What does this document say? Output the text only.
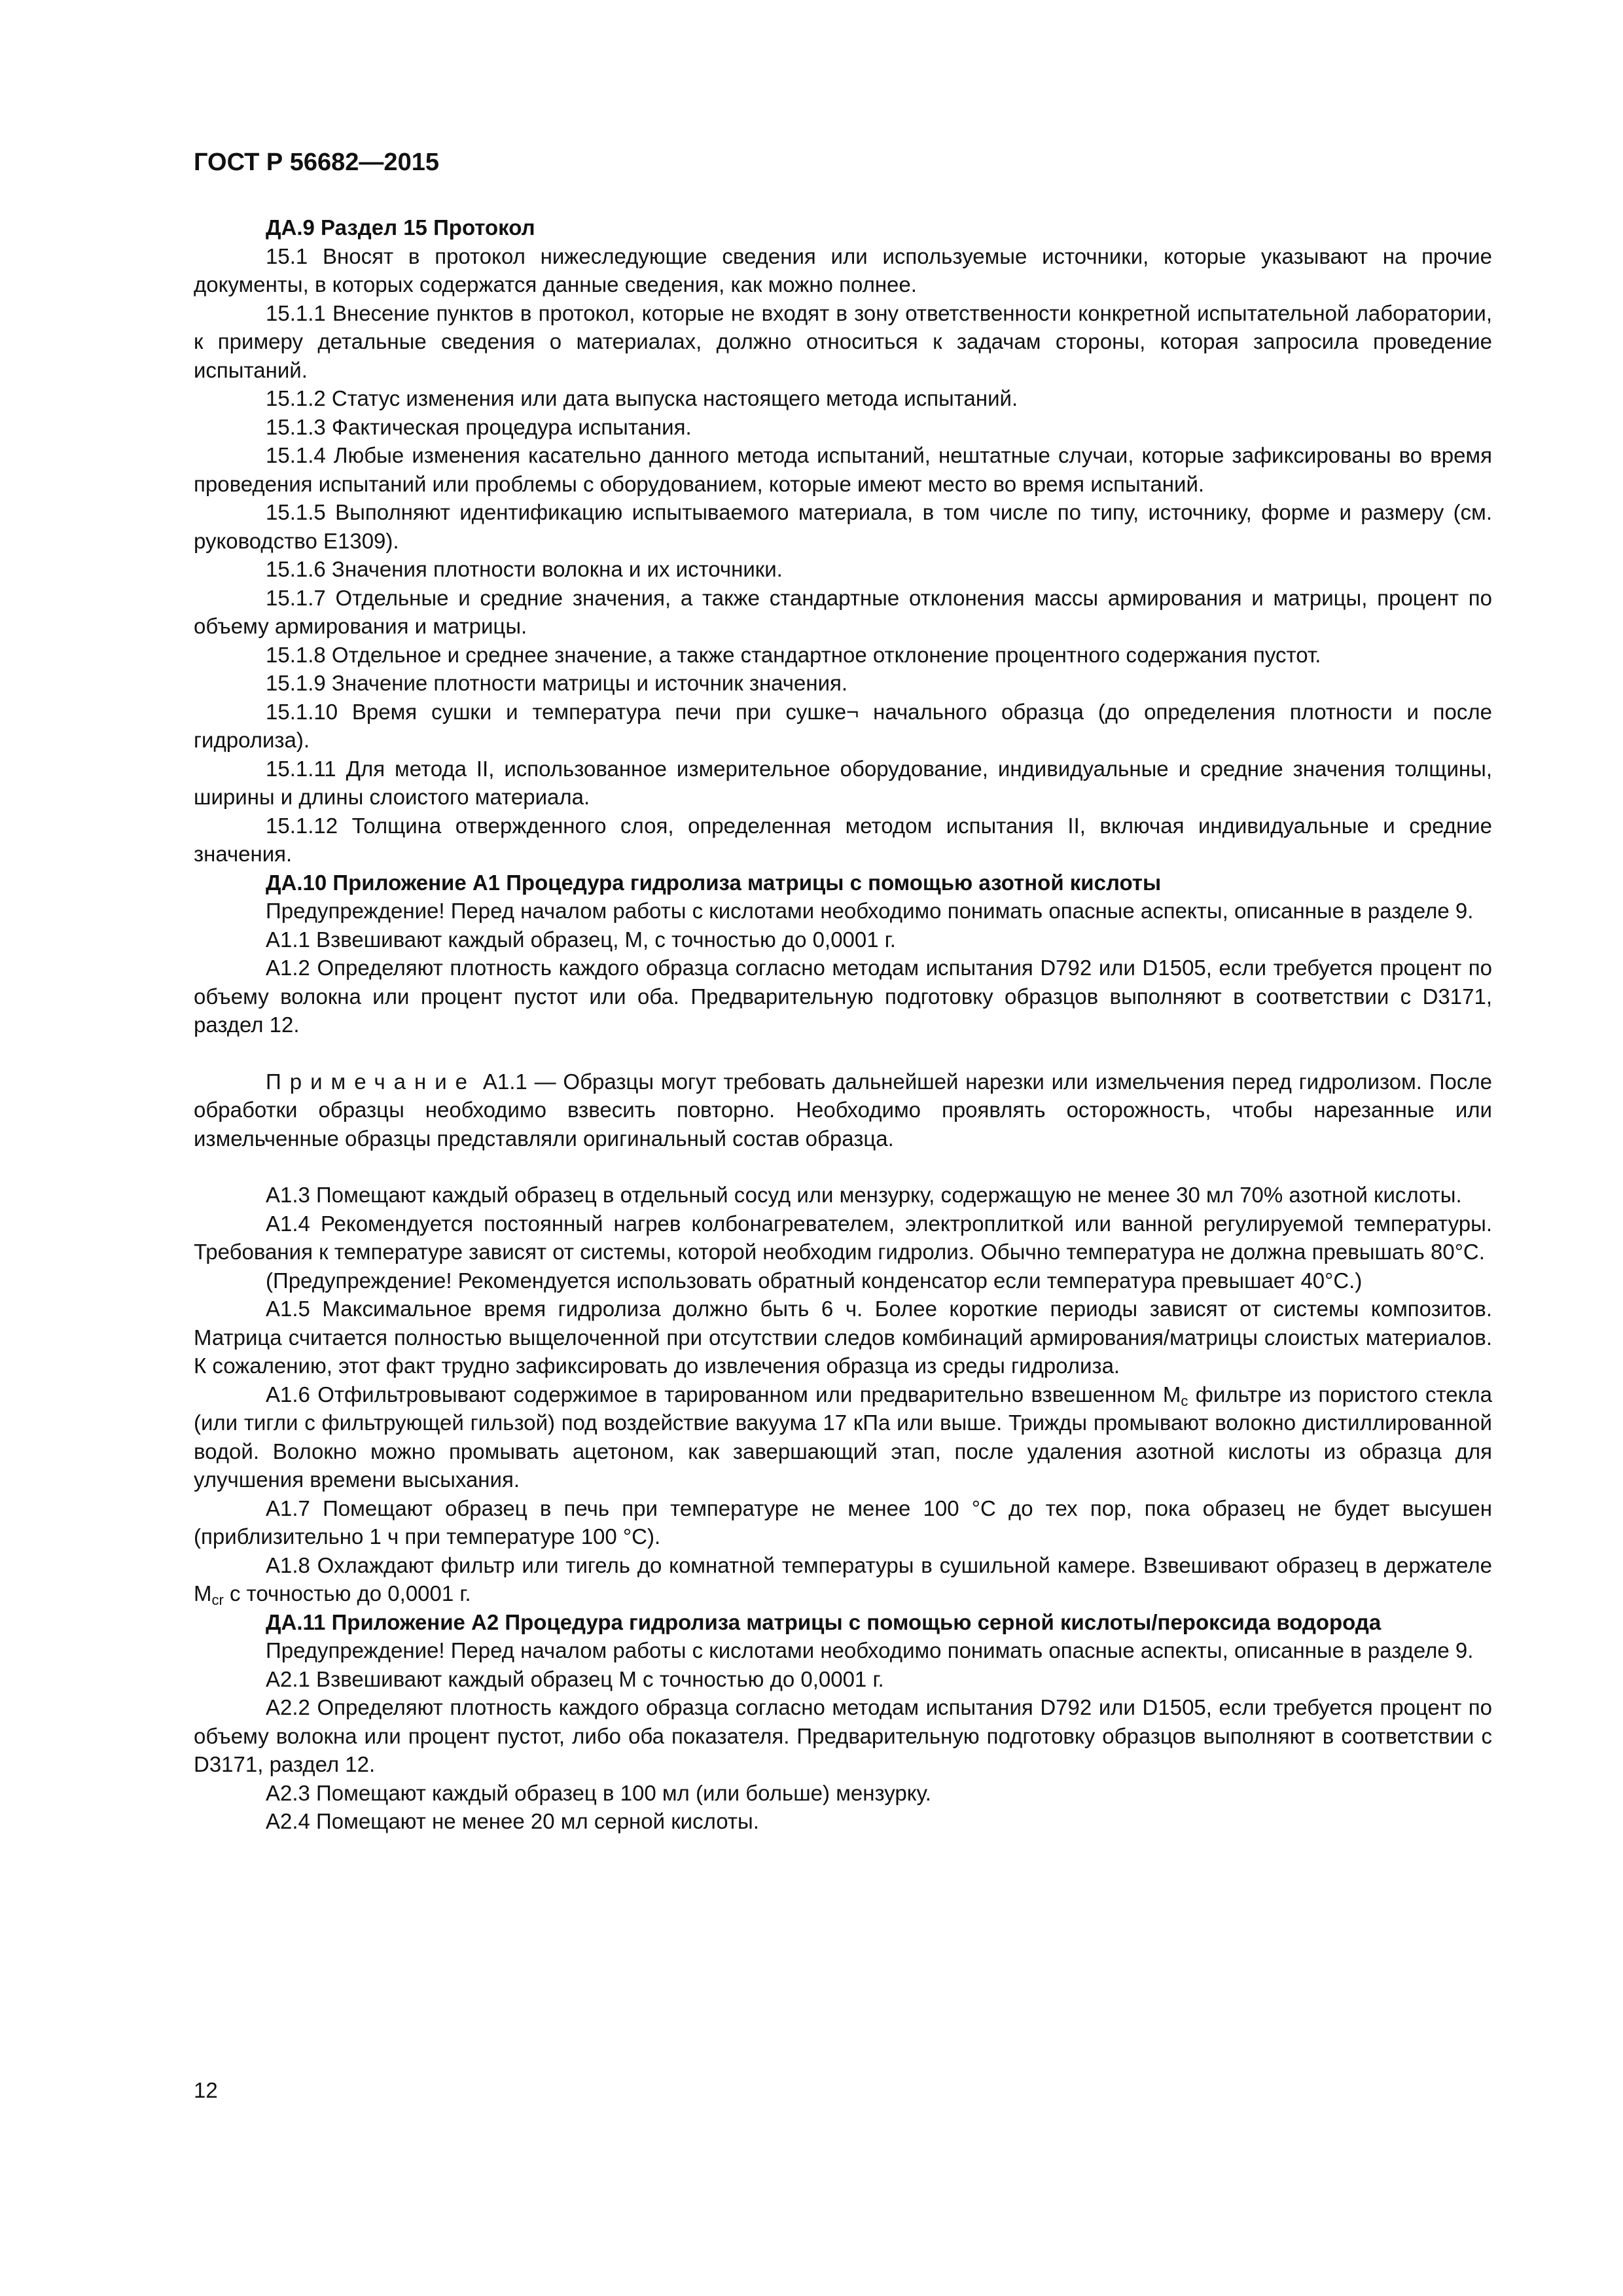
ГОСТ Р 56682—2015

ДА.9 Раздел 15 Протокол

15.1 Вносят в протокол нижеследующие сведения или используемые источники, которые указывают на прочие документы, в которых содержатся данные сведения, как можно полнее.

15.1.1 Внесение пунктов в протокол, которые не входят в зону ответственности конкретной испытательной лаборатории, к примеру детальные сведения о материалах, должно относиться к задачам стороны, которая запросила проведение испытаний.

15.1.2 Статус изменения или дата выпуска настоящего метода испытаний.

15.1.3 Фактическая процедура испытания.

15.1.4 Любые изменения касательно данного метода испытаний, нештатные случаи, которые зафиксированы во время проведения испытаний или проблемы с оборудованием, которые имеют место во время испытаний.

15.1.5 Выполняют идентификацию испытываемого материала, в том числе по типу, источнику, форме и размеру (см. руководство E1309).

15.1.6 Значения плотности волокна и их источники.

15.1.7 Отдельные и средние значения, а также стандартные отклонения массы армирования и матрицы, процент по объему армирования и матрицы.

15.1.8 Отдельное и среднее значение, а также стандартное отклонение процентного содержания пустот.

15.1.9 Значение плотности матрицы и источник значения.

15.1.10 Время сушки и температура печи при сушке¬ начального образца (до определения плотности и после гидролиза).

15.1.11 Для метода II, использованное измерительное оборудование, индивидуальные и средние значения толщины, ширины и длины слоистого материала.

15.1.12 Толщина отвержденного слоя, определенная методом испытания II, включая индивидуальные и средние значения.

ДА.10 Приложение А1 Процедура гидролиза матрицы с помощью азотной кислоты

Предупреждение! Перед началом работы с кислотами необходимо понимать опасные аспекты, описанные в разделе 9.

А1.1 Взвешивают каждый образец, М, с точностью до 0,0001 г.

А1.2 Определяют плотность каждого образца согласно методам испытания D792 или D1505, если требуется процент по объему волокна или процент пустот или оба. Предварительную подготовку образцов выполняют в соответствии с D3171, раздел 12.

Примечание А1.1 — Образцы могут требовать дальнейшей нарезки или измельчения перед гидролизом. После обработки образцы необходимо взвесить повторно. Необходимо проявлять осторожность, чтобы нарезанные или измельченные образцы представляли оригинальный состав образца.

А1.3 Помещают каждый образец в отдельный сосуд или мензурку, содержащую не менее 30 мл 70% азотной кислоты.

А1.4 Рекомендуется постоянный нагрев колбонагревателем, электроплиткой или ванной регулируемой температуры. Требования к температуре зависят от системы, которой необходим гидролиз. Обычно температура не должна превышать 80°С.

(Предупреждение! Рекомендуется использовать обратный конденсатор если температура превышает 40°С.)

А1.5 Максимальное время гидролиза должно быть 6 ч. Более короткие периоды зависят от системы композитов. Матрица считается полностью выщелоченной при отсутствии следов комбинаций армирования/матрицы слоистых материалов. К сожалению, этот факт трудно зафиксировать до извлечения образца из среды гидролиза.

А1.6 Отфильтровывают содержимое в тарированном или предварительно взвешенном $M_c$ фильтре из пористого стекла (или тигли с фильтрующей гильзой) под воздействие вакуума 17 кПа или выше. Трижды промывают волокно дистиллированной водой. Волокно можно промывать ацетоном, как завершающий этап, после удаления азотной кислоты из образца для улучшения времени высыхания.

А1.7 Помещают образец в печь при температуре не менее 100 °C до тех пор, пока образец не будет высушен (приблизительно 1 ч при температуре 100 °C).

А1.8 Охлаждают фильтр или тигель до комнатной температуры в сушильной камере. Взвешивают образец в держателе $M_{cr}$ с точностью до 0,0001 г.

ДА.11 Приложение А2 Процедура гидролиза матрицы с помощью серной кислоты/пероксида водорода

Предупреждение! Перед началом работы с кислотами необходимо понимать опасные аспекты, описанные в разделе 9.

А2.1 Взвешивают каждый образец М с точностью до 0,0001 г.

А2.2 Определяют плотность каждого образца согласно методам испытания D792 или D1505, если требуется процент по объему волокна или процент пустот, либо оба показателя. Предварительную подготовку образцов выполняют в соответствии с D3171, раздел 12.

А2.3 Помещают каждый образец в 100 мл (или больше) мензурку.

А2.4 Помещают не менее 20 мл серной кислоты.

12
